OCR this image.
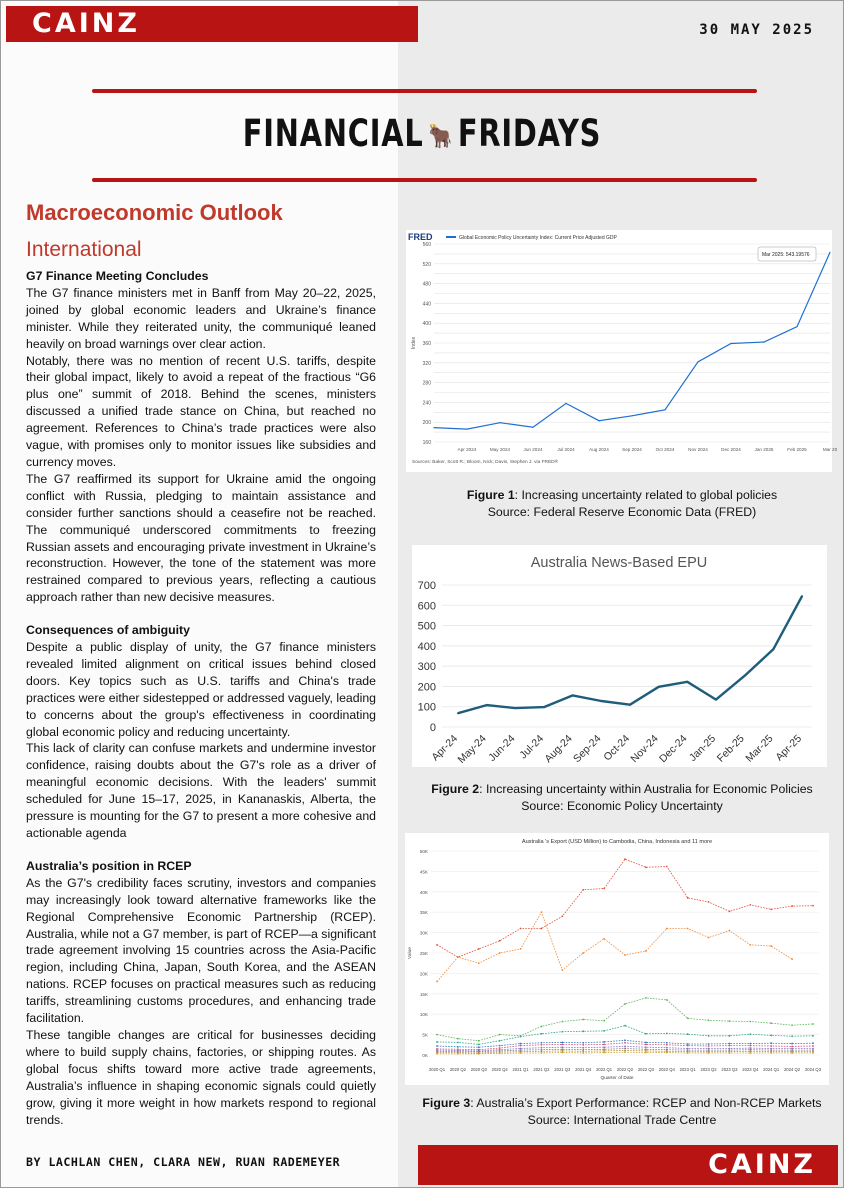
CAINZ	30 MAY 2025
FINANCIAL 🐂 FRIDAYS
Macroeconomic Outlook
International
G7 Finance Meeting Concludes

The G7 finance ministers met in Banff from May 20–22, 2025, joined by global economic leaders and Ukraine’s finance minister. While they reiterated unity, the communiqué leaned heavily on broad warnings over clear action.

Notably, there was no mention of recent U.S. tariffs, despite their global impact, likely to avoid a repeat of the fractious “G6 plus one” summit of 2018. Behind the scenes, ministers discussed a unified trade stance on China, but reached no agreement. References to China’s trade practices were also vague, with promises only to monitor issues like subsidies and currency moves.

The G7 reaffirmed its support for Ukraine amid the ongoing conflict with Russia, pledging to maintain assistance and consider further sanctions should a ceasefire not be reached. The communiqué underscored commitments to freezing Russian assets and encouraging private investment in Ukraine’s reconstruction. However, the tone of the statement was more restrained compared to previous years, reflecting a cautious approach rather than new decisive measures.

Consequences of ambiguity

Despite a public display of unity, the G7 finance ministers revealed limited alignment on critical issues behind closed doors. Key topics such as U.S. tariffs and China's trade practices were either sidestepped or addressed vaguely, leading to concerns about the group's effectiveness in coordinating global economic policy and reducing uncertainty.

This lack of clarity can confuse markets and undermine investor confidence, raising doubts about the G7's role as a driver of meaningful economic decisions. With the leaders' summit scheduled for June 15–17, 2025, in Kananaskis, Alberta, the pressure is mounting for the G7 to present a more cohesive and actionable agenda

Australia’s position in RCEP

As the G7's credibility faces scrutiny, investors and companies may increasingly look toward alternative frameworks like the Regional Comprehensive Economic Partnership (RCEP). Australia, while not a G7 member, is part of RCEP—a significant trade agreement involving 15 countries across the Asia-Pacific region, including China, Japan, South Korea, and the ASEAN nations. RCEP focuses on practical measures such as reducing tariffs, streamlining customs procedures, and enhancing trade facilitation.

These tangible changes are critical for businesses deciding where to build supply chains, factories, or shipping routes. As global focus shifts toward more active trade agreements, Australia’s influence in shaping economic signals could quietly grow, giving it more weight in how markets respond to regional trends.

BY LACHLAN CHEN, CLARA NEW, RUAN RADEMEYER	CAINZ
FRED	Global Economic Policy Uncertainty Index: Current Price Adjusted GDP
160
200
240
280
320
360
400
440
480
520
560
Index
Apr 2024	May 2024	Jun 2024	Jul 2024	Aug 2024	Sep 2024	Oct 2024	Nov 2024	Dec 2024	Jan 2025	Feb 2025	Mar 20
Mar 2025: 543.19576
Sources: Baker, Scott R.; Bloom, Nick; Davis, Stephen J. via FRED®
Figure 1: Increasing uncertainty related to global policies
Source: Federal Reserve Economic Data (FRED)
Australia News-Based EPU
0
100
200
300
400
500
600
700
Apr-24
May-24
Jun-24 Jul-24
Aug-24
Sep-24
Oct-24
Nov-24
Dec-24
Jan-25
Feb-25
Mar-25
Apr-25
Figure 2: Increasing uncertainty within Australia for Economic Policies
Source: Economic Policy Uncertainty
Australia 's Export (USD Million) to Cambodia, China, Indonesia and 11 more
0K
5K
10K
15K
20K
25K
30K
35K
40K
45K
50K
Value
2020 Q1 2020 Q2 2020 Q3 2020 Q4 2021 Q1 2021 Q2 2021 Q3 2021 Q4 2022 Q1 2022 Q2 2022 Q3 2022 Q4 2023 Q1 2023 Q2 2023 Q3 2023 Q4 2024 Q1 2024 Q2 2024 Q3
Quarter of Date
Figure 3: Australia’s Export Performance: RCEP and Non-RCEP Markets
Source: International Trade Centre
